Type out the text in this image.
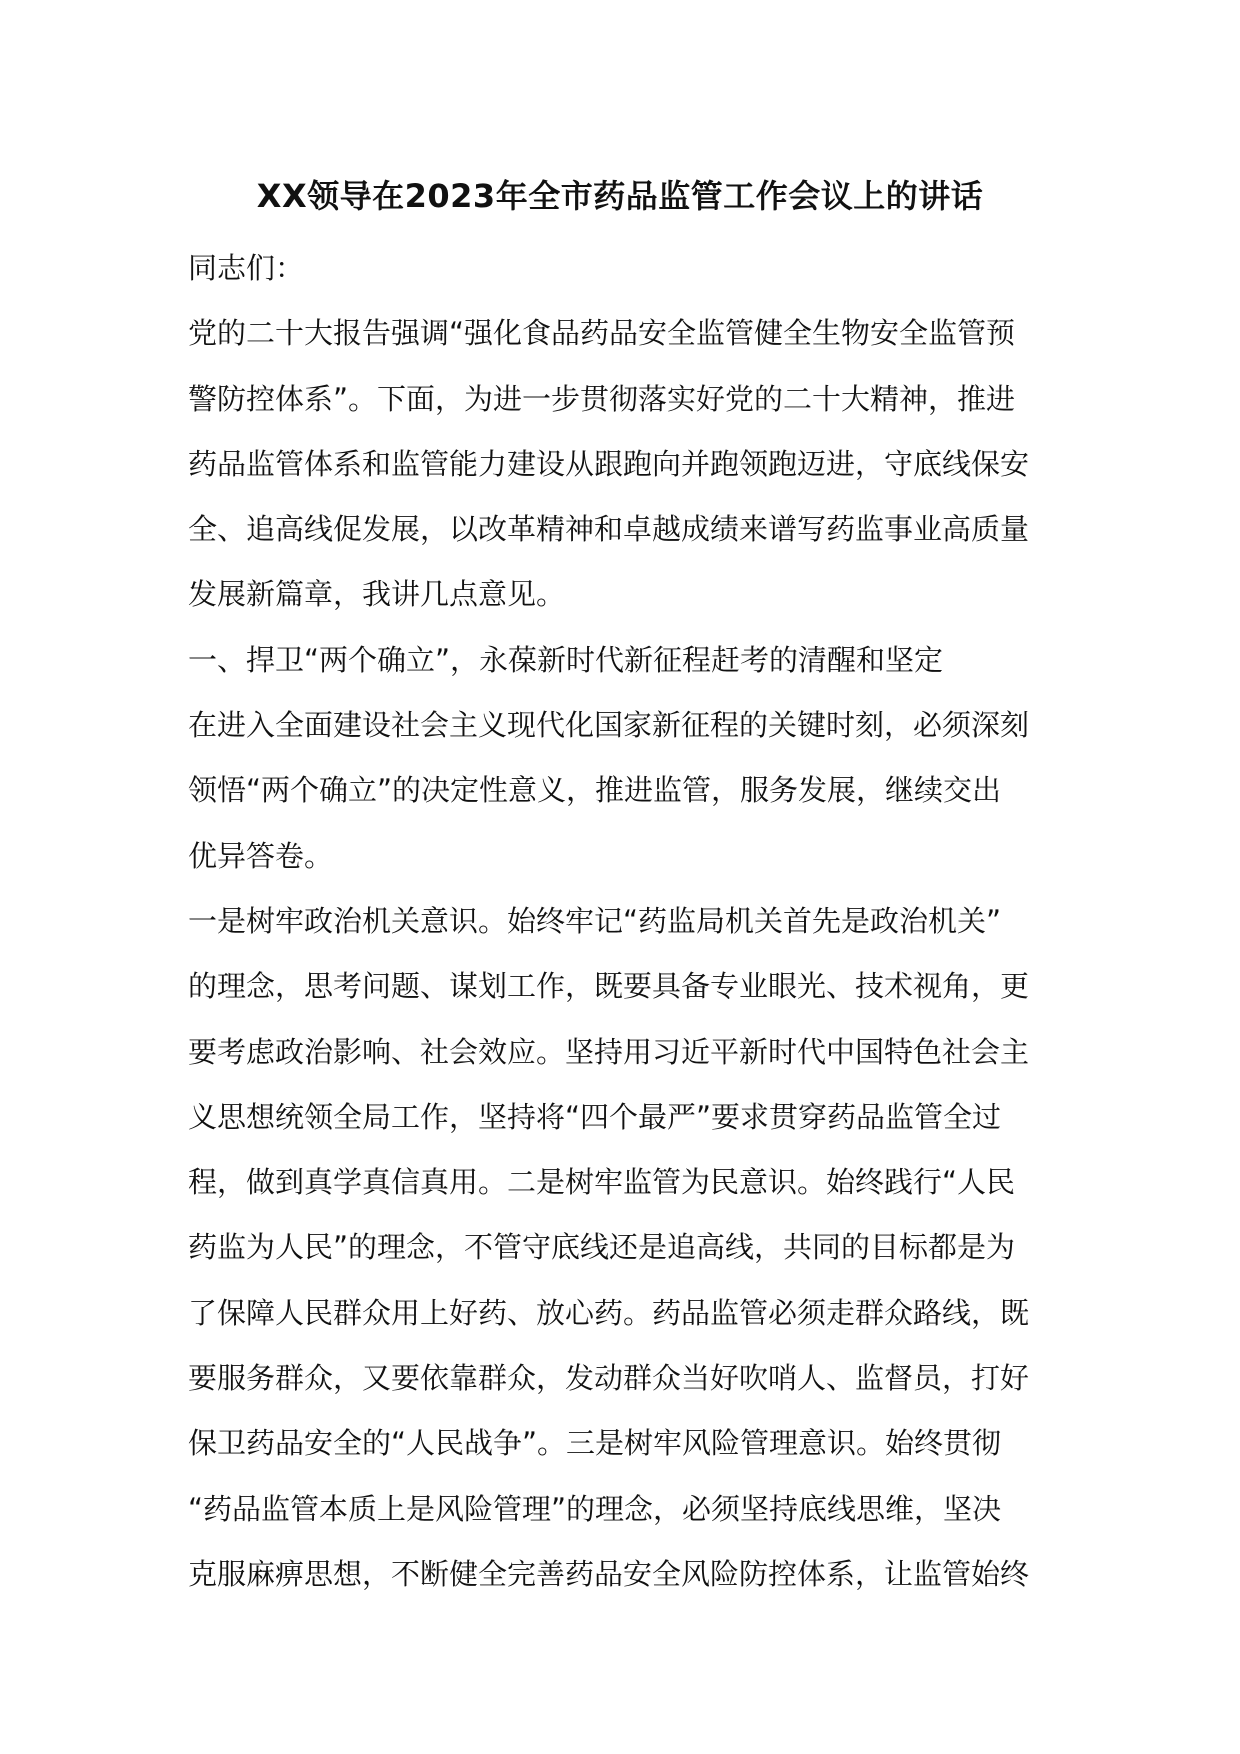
XX领导在2023年全市药品监管工作会议上的讲话
同志们：
党的二十大报告强调“强化食品药品安全监管健全生物安全监管预
警防控体系”。下面，为进一步贯彻落实好党的二十大精神，推进
药品监管体系和监管能力建设从跟跑向并跑领跑迈进，守底线保安
全、追高线促发展，以改革精神和卓越成绩来谱写药监事业高质量
发展新篇章，我讲几点意见。
一、捍卫“两个确立”，永葆新时代新征程赶考的清醒和坚定
在进入全面建设社会主义现代化国家新征程的关键时刻，必须深刻
领悟“两个确立”的决定性意义，推进监管，服务发展，继续交出
优异答卷。
一是树牢政治机关意识。始终牢记“药监局机关首先是政治机关”
的理念，思考问题、谋划工作，既要具备专业眼光、技术视角，更
要考虑政治影响、社会效应。坚持用习近平新时代中国特色社会主
义思想统领全局工作，坚持将“四个最严”要求贯穿药品监管全过
程，做到真学真信真用。二是树牢监管为民意识。始终践行“人民
药监为人民”的理念，不管守底线还是追高线，共同的目标都是为
了保障人民群众用上好药、放心药。药品监管必须走群众路线，既
要服务群众，又要依靠群众，发动群众当好吹哨人、监督员，打好
保卫药品安全的“人民战争”。三是树牢风险管理意识。始终贯彻
“药品监管本质上是风险管理”的理念，必须坚持底线思维，坚决
克服麻痹思想，不断健全完善药品安全风险防控体系，让监管始终
